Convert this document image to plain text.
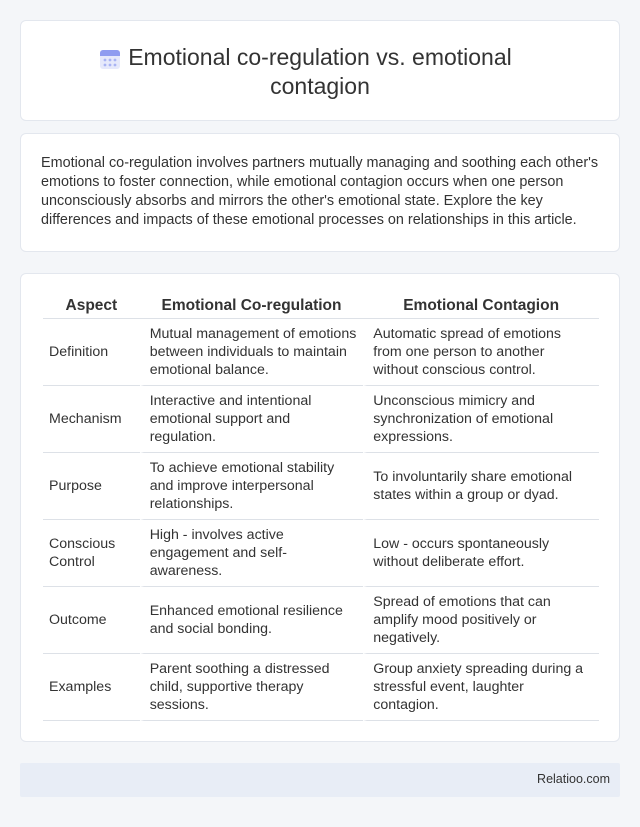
Emotional co-regulation vs. emotional contagion

Emotional co-regulation involves partners mutually managing and soothing each other's emotions to foster connection, while emotional contagion occurs when one person unconsciously absorbs and mirrors the other's emotional state. Explore the key differences and impacts of these emotional processes on relationships in this article.

Aspect	Emotional Co-regulation	Emotional Contagion
Definition	Mutual management of emotions between individuals to maintain emotional balance.	Automatic spread of emotions from one person to another without conscious control.
Mechanism	Interactive and intentional emotional support and regulation.	Unconscious mimicry and synchronization of emotional expressions.
Purpose	To achieve emotional stability and improve interpersonal relationships.	To involuntarily share emotional states within a group or dyad.
Conscious Control	High - involves active engagement and self-awareness.	Low - occurs spontaneously without deliberate effort.
Outcome	Enhanced emotional resilience and social bonding.	Spread of emotions that can amplify mood positively or negatively.
Examples	Parent soothing a distressed child, supportive therapy sessions.	Group anxiety spreading during a stressful event, laughter contagion.
Relatioo.com
